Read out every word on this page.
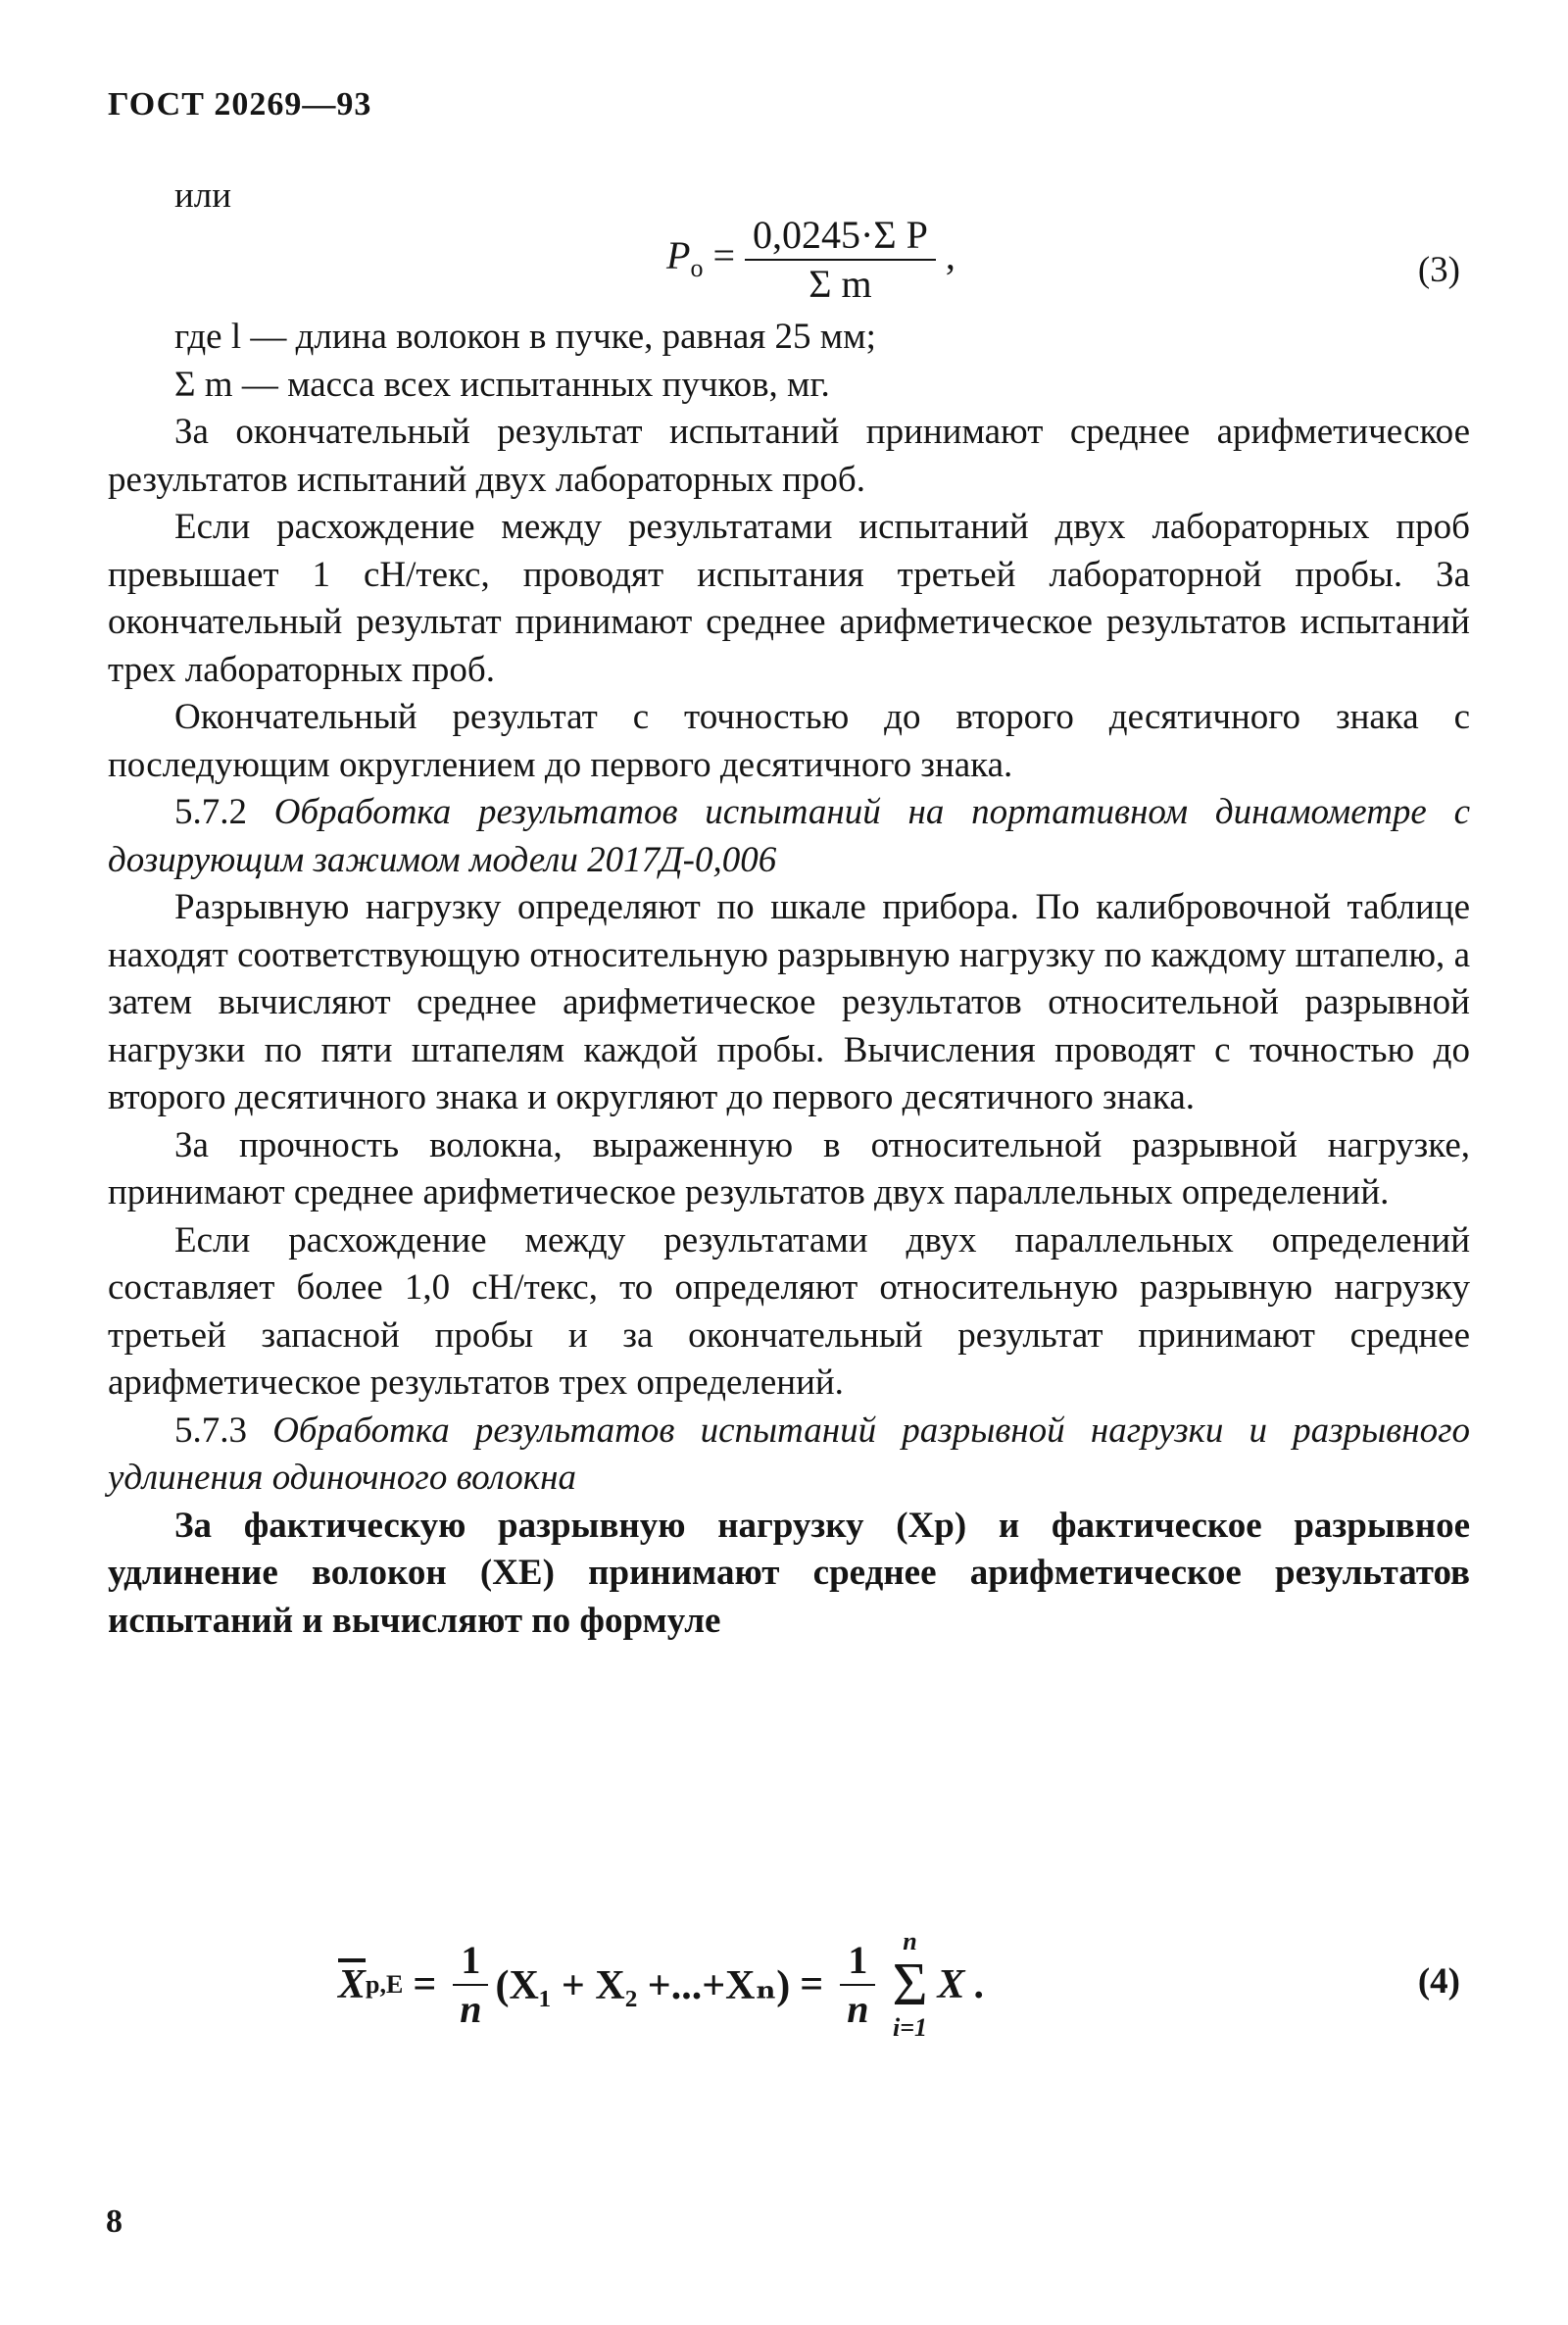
ГОСТ 20269—93
или
$P_о = \frac{\text{0,0245·Σ P}}{\text{Σ m}}$ ,	(3)

где l — длина волокон в пучке, равная 25 мм;

Σ m — масса всех испытанных пучков, мг.

За окончательный результат испытаний принимают среднее арифметическое результатов испытаний двух лабораторных проб.

Если расхождение между результатами испытаний двух лабораторных проб превышает 1 сН/текс, проводят испытания третьей лабораторной пробы. За окончательный результат принимают среднее арифметическое результатов испытаний трех лабораторных проб.

Окончательный результат с точностью до второго десятичного знака с последующим округлением до первого десятичного знака.

5.7.2 Обработка результатов испытаний на портативном динамометре с дозирующим зажимом модели 2017Д-0,006

Разрывную нагрузку определяют по шкале прибора. По калибровочной таблице находят соответствующую относительную разрывную нагрузку по каждому штапелю, а затем вычисляют среднее арифметическое результатов относительной разрывной нагрузки по пяти штапелям каждой пробы. Вычисления проводят с точностью до второго десятичного знака и округляют до первого десятичного знака.

За прочность волокна, выраженную в относительной разрывной нагрузке, принимают среднее арифметическое результатов двух параллельных определений.

Если расхождение между результатами двух параллельных определений составляет более 1,0 сН/текс, то определяют относительную разрывную нагрузку третьей запасной пробы и за окончательный результат принимают среднее арифметическое результатов трех определений.

5.7.3 Обработка результатов испытаний разрывной нагрузки и разрывного удлинения одиночного волокна

За фактическую разрывную нагрузку (Xр) и фактическое разрывное удлинение волокон (XЕ) принимают среднее арифметическое результатов испытаний и вычисляют по формуле

$\overline{X}$ $р,Е = \frac{1}{n} (X_1 + X_2 +...+X_n) = \frac{1}{n}$ n
Σ
i=1
X .	(4)
8
